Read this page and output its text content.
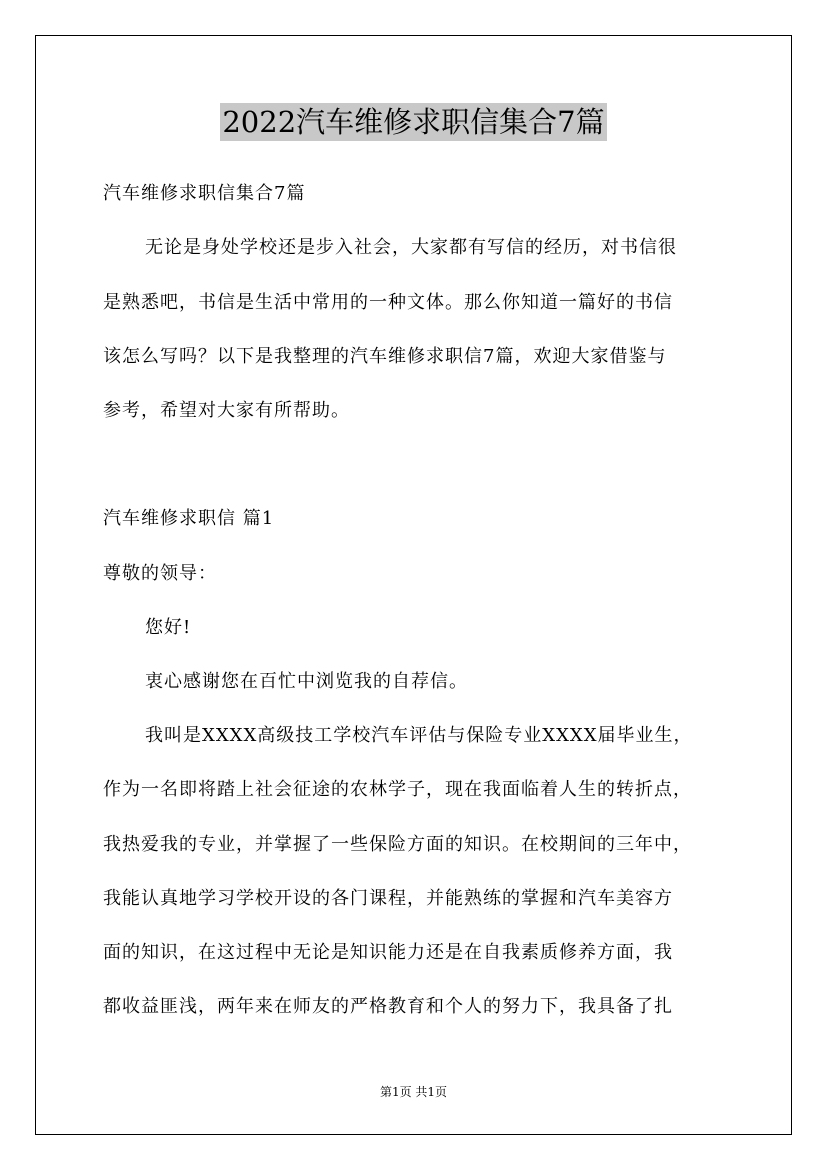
2022汽车维修求职信集合7篇
汽车维修求职信集合7篇
无论是身处学校还是步入社会，大家都有写信的经历，对书信很
是熟悉吧，书信是生活中常用的一种文体。那么你知道一篇好的书信
该怎么写吗？以下是我整理的汽车维修求职信7篇，欢迎大家借鉴与
参考，希望对大家有所帮助。
汽车维修求职信 篇1
尊敬的领导：
您好!
衷心感谢您在百忙中浏览我的自荐信。
我叫是XXXX高级技工学校汽车评估与保险专业XXXX届毕业生，
作为一名即将踏上社会征途的农林学子，现在我面临着人生的转折点，
我热爱我的专业，并掌握了一些保险方面的知识。在校期间的三年中，
我能认真地学习学校开设的各门课程，并能熟练的掌握和汽车美容方
面的知识，在这过程中无论是知识能力还是在自我素质修养方面，我
都收益匪浅，两年来在师友的严格教育和个人的努力下，我具备了扎
第1页 共1页
